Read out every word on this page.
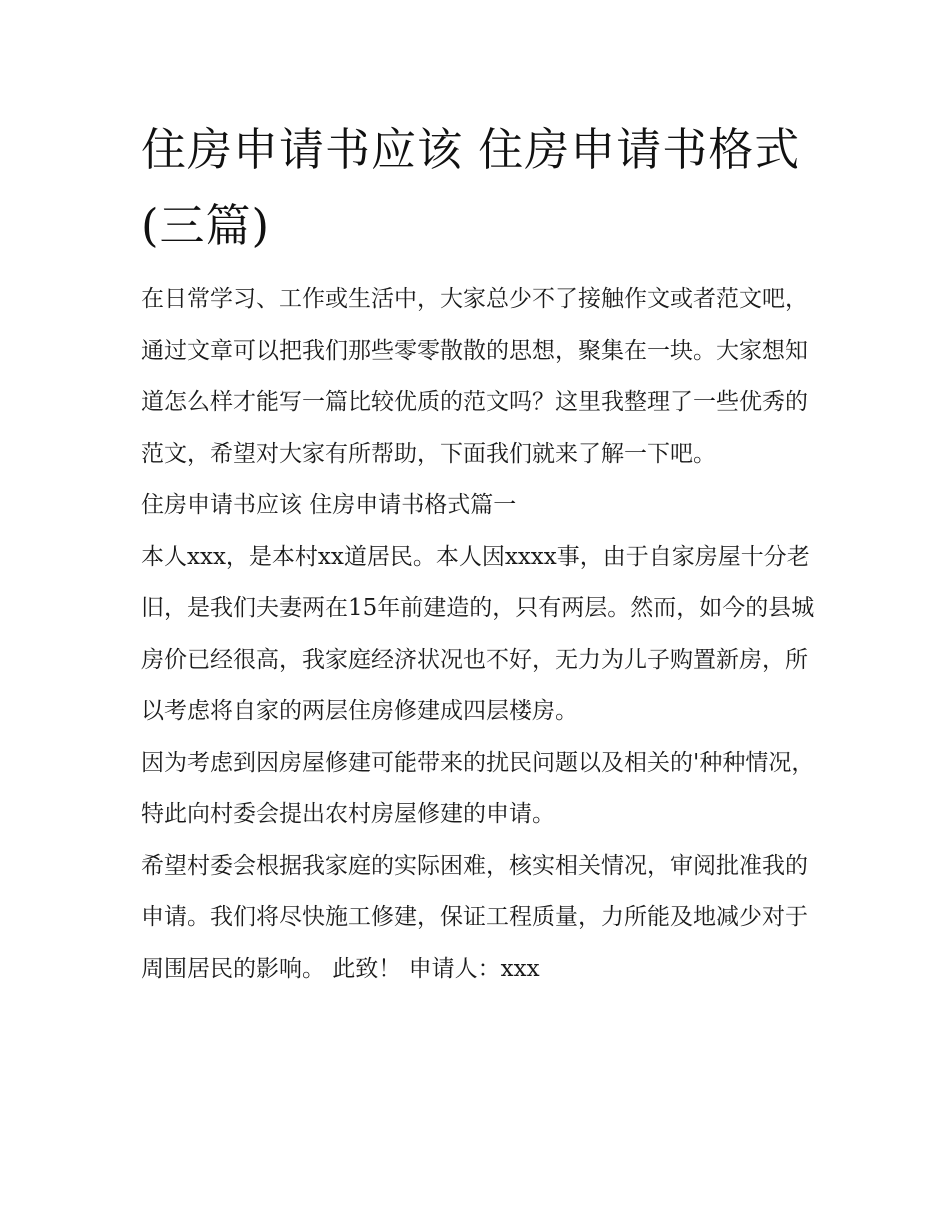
住房申请书应该 住房申请书格式(三篇)

在日常学习、工作或生活中，大家总少不了接触作文或者范文吧，通过文章可以把我们那些零零散散的思想，聚集在一块。大家想知道怎么样才能写一篇比较优质的范文吗？这里我整理了一些优秀的范文，希望对大家有所帮助，下面我们就来了解一下吧。

住房申请书应该 住房申请书格式篇一

本人xxx，是本村xx道居民。本人因xxxx事，由于自家房屋十分老旧，是我们夫妻两在15年前建造的，只有两层。然而，如今的县城房价已经很高，我家庭经济状况也不好，无力为儿子购置新房，所以考虑将自家的两层住房修建成四层楼房。

因为考虑到因房屋修建可能带来的扰民问题以及相关的'种种情况，特此向村委会提出农村房屋修建的申请。

希望村委会根据我家庭的实际困难，核实相关情况，审阅批准我的申请。我们将尽快施工修建，保证工程质量，力所能及地减少对于周围居民的影响。 此致！ 申请人：xxx
